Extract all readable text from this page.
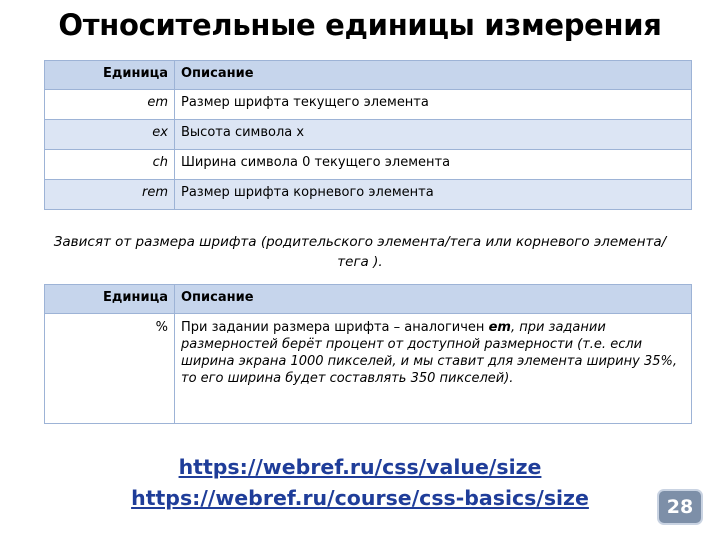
Относительные единицы измерения
Единица	Описание
em	Размер шрифта текущего элемента
ex	Высота символа x
ch	Ширина символа 0 текущего элемента
rem	Размер шрифта корневого элемента
Зависят от размера шрифта (родительского элемента/тега или корневого элемента/тега ).
Единица	Описание
%	При задании размера шрифта – аналогичен em, при задании размерностей берёт процент от доступной размерности (т.е. если ширина экрана 1000 пикселей, и мы ставит для элемента ширину 35%, то его ширина будет составлять 350 пикселей).
https://webref.ru/css/value/size
https://webref.ru/course/css-basics/size	28
